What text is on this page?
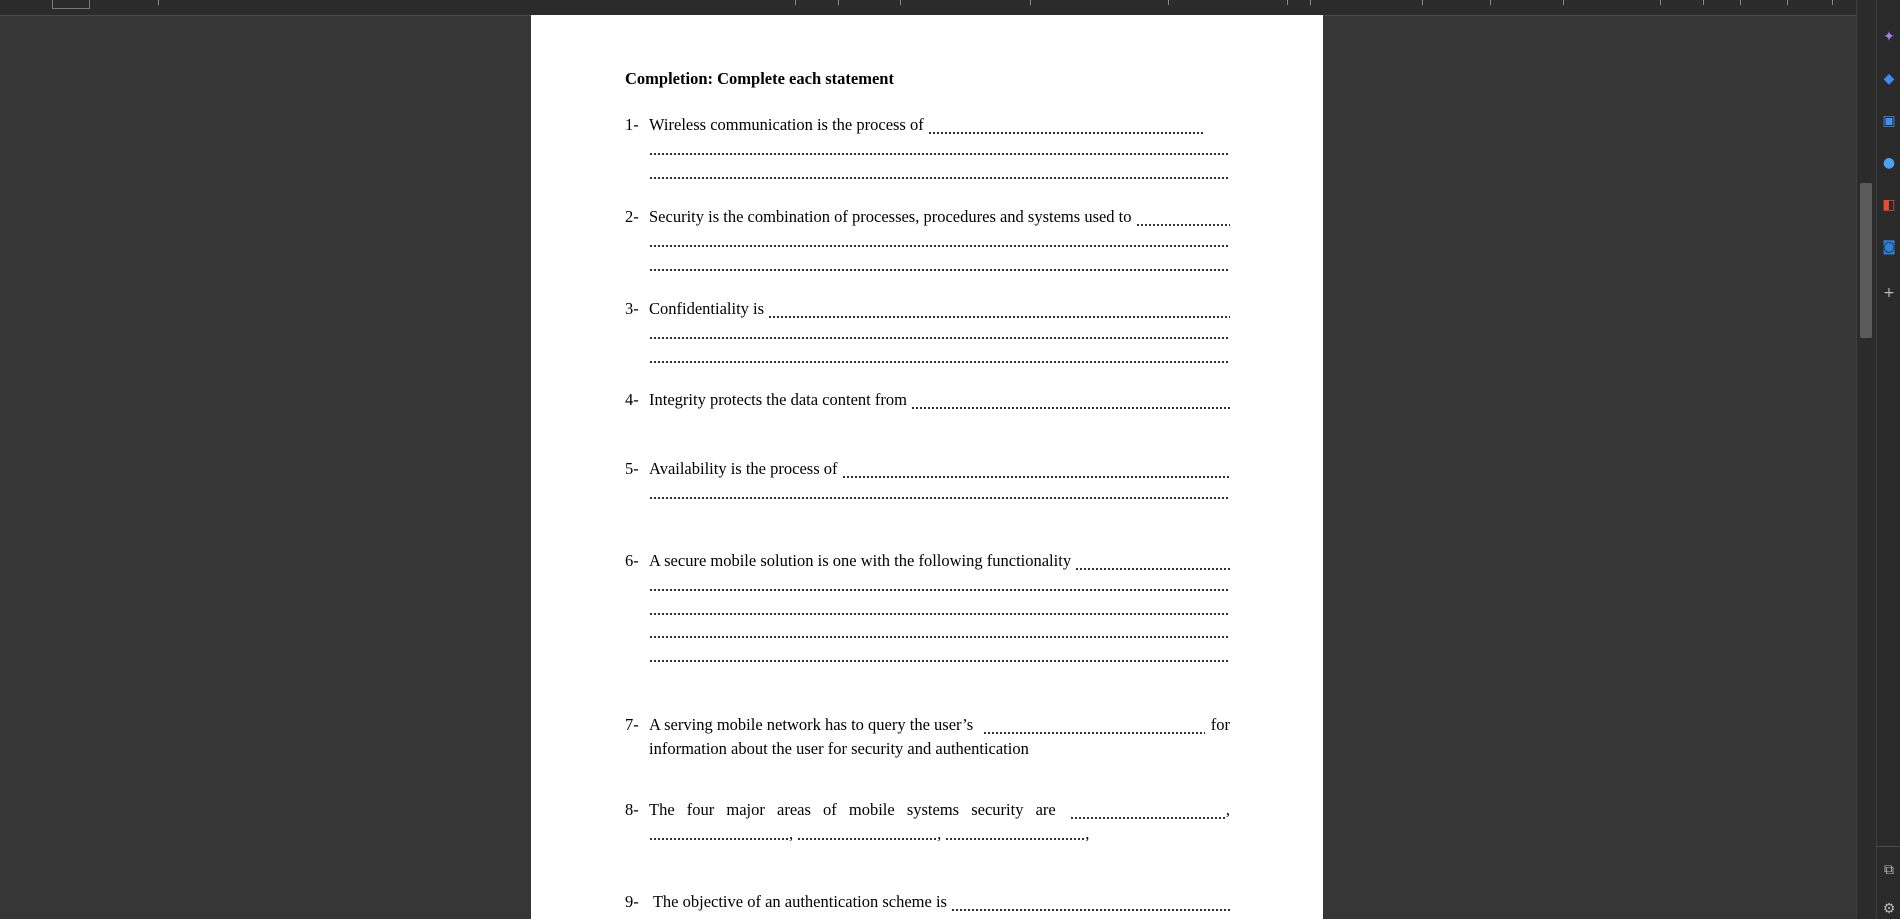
Completion: Complete each statement

1- Wireless communication is the process of
2- Security is the combination of processes, procedures and systems used to
3- Confidentiality is
4- Integrity protects the data content from
5- Availability is the process of
6- A secure mobile solution is one with the following functionality
7- A serving mobile network has to query the user’s	for
information about the user for security and authentication
8- The four major areas of mobile systems security are	,
,	,	,
9- The objective of an authentication scheme is
✦
◆
▣
●
◧
◙
+
⧉
⚙
